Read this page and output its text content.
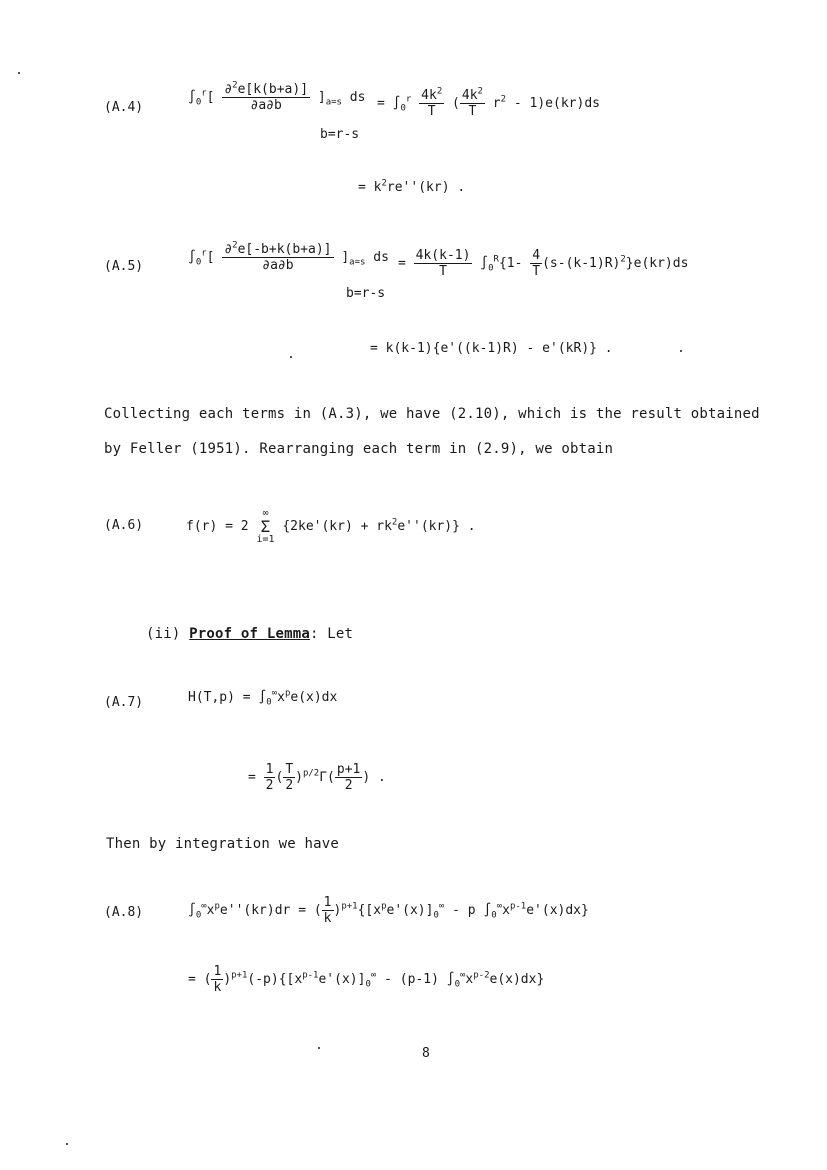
(A.4)
$\int_0^r[ \frac{\partial^2e[k(b+a)]}{\partial a\partial b} ]_{a=s}$ ds
b=r-s
= $\int_0^r \frac{4k^2}{T}$ ( $\frac{4k^2}{T} r^2 - 1)e(kr)ds$
= $k^2re''(kr)$ .
(A.5)
$\int_0^r[ \frac{\partial^2e[-b+k(b+a)]}{\partial a\partial b} ]_{a=s}$ ds
b=r-s
= $\frac{4k(k-1)}{T} \int_0^R\{1- \frac{4}{T} (s-(k-1)R)^2\}e(kr)ds$
= k(k-1){e'((k-1)R) - e'(kR)} .
Collecting each terms in (A.3), we have (2.10), which is the result obtained
by Feller (1951). Rearranging each term in (2.9), we obtain
(A.6)	f(r) = 2
∞
Σ
i=1
$\{2ke'(kr) + rk^2e''(kr)\}$ .
(ii) Proof of Lemma: Let
(A.7)	$H(T,p) = \int_0^\infty x^pe(x)dx$
= $\frac{1}{2}$ ( $\frac{T}{2} )^{p/2}\Gamma( \frac{p+1}{2}$ ) .
Then by integration we have
(A.8)	$\int_0^\infty x^pe''(kr)dr$ = ( $\frac{1}{k} )^{p+1}\{[x^pe'(x)]_0^\infty$ - p $\int_0^\infty x^{p-1}e'(x)dx$}
= ( $\frac{1}{k} )^{p+1}(-p)\{[x^{p-1}e'(x)]_0^\infty - (p-1)$ $\int_0^\infty x^{p-2}e(x)dx$}
8
